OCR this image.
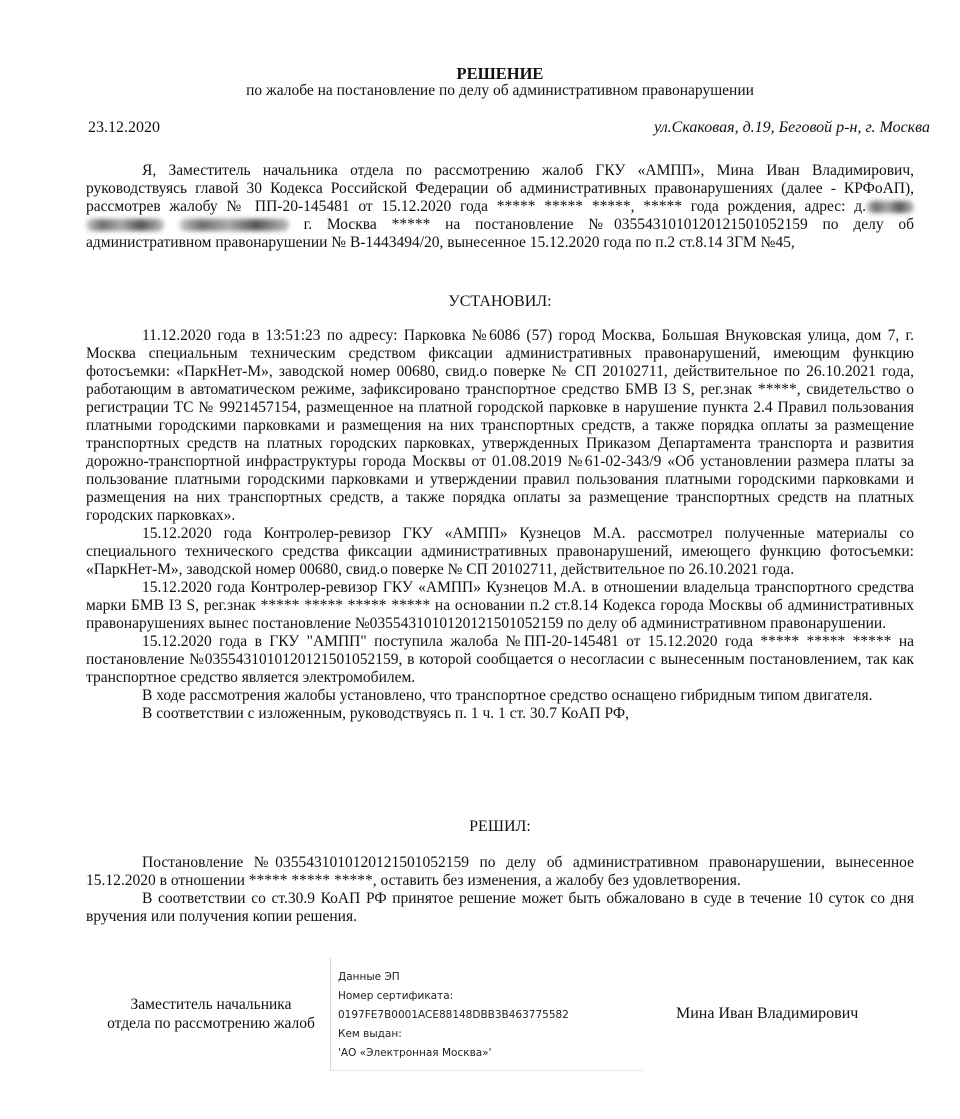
РЕШЕНИЕ
по жалобе на постановление по делу об административном правонарушении
23.12.2020	ул.Скаковая, д.19, Беговой р-н, г. Москва

Я, Заместитель начальника отдела по рассмотрению жалоб ГКУ «АМПП», Мина Иван Владимирович, руководствуясь главой 30 Кодекса Российской Федерации об административных правонарушениях (далее - КРФоАП), рассмотрев жалобу № ПП-20-145481 от 15.12.2020 года ***** ***** *****, ***** года рождения, адрес: д.   г. Москва ***** на постановление №0355431010120121501052159 по делу об административном правонарушении № В-1443494/20, вынесенное 15.12.2020 года по п.2 ст.8.14 ЗГМ №45,

УСТАНОВИЛ:

11.12.2020 года в 13:51:23 по адресу: Парковка №6086 (57) город Москва, Большая Внуковская улица, дом 7, г. Москва специальным техническим средством фиксации административных правонарушений, имеющим функцию фотосъемки: «ПаркНет-М», заводской номер 00680, свид.о поверке № СП 20102711, действительное по 26.10.2021 года, работающим в автоматическом режиме, зафиксировано транспортное средство БМВ I3 S, рег.знак *****, свидетельство о регистрации ТС № 9921457154, размещенное на платной городской парковке в нарушение пункта 2.4 Правил пользования платными городскими парковками и размещения на них транспортных средств, а также порядка оплаты за размещение транспортных средств на платных городских парковках, утвержденных Приказом Департамента транспорта и развития дорожно-транспортной инфраструктуры города Москвы от 01.08.2019 №61-02-343/9 «Об установлении размера платы за пользование платными городскими парковками и утверждении правил пользования платными городскими парковками и размещения на них транспортных средств, а также порядка оплаты за размещение транспортных средств на платных городских парковках».

15.12.2020 года Контролер-ревизор ГКУ «АМПП» Кузнецов М.А. рассмотрел полученные материалы со специального технического средства фиксации административных правонарушений, имеющего функцию фотосъемки: «ПаркНет-М», заводской номер 00680, свид.о поверке № СП 20102711, действительное по 26.10.2021 года.

15.12.2020 года Контролер-ревизор ГКУ «АМПП» Кузнецов М.А. в отношении владельца транспортного средства марки БМВ I3 S, рег.знак ***** ***** ***** ***** на основании п.2 ст.8.14 Кодекса города Москвы об административных правонарушениях вынес постановление №0355431010120121501052159 по делу об административном правонарушении.

15.12.2020 года в ГКУ "АМПП" поступила жалоба №ПП-20-145481 от 15.12.2020 года ***** ***** ***** на постановление №0355431010120121501052159, в которой сообщается о несогласии с вынесенным постановлением, так как транспортное средство является электромобилем.

В ходе рассмотрения жалобы установлено, что транспортное средство оснащено гибридным типом двигателя.

В соответствии с изложенным, руководствуясь п. 1 ч. 1 ст. 30.7 КоАП РФ,

РЕШИЛ:

Постановление №0355431010120121501052159 по делу об административном правонарушении, вынесенное 15.12.2020 в отношении ***** ***** *****, оставить без изменения, а жалобу без удовлетворения.

В соответствии со ст.30.9 КоАП РФ принятое решение может быть обжаловано в суде в течение 10 суток со дня вручения или получения копии решения.

Заместитель начальника
отдела по рассмотрению жалоб
Данные ЭП
Номер сертификата:
0197FE7B0001ACE88148DBB3B463775582
Кем выдан:
'АО «Электронная Москва»'
Мина Иван Владимирович
